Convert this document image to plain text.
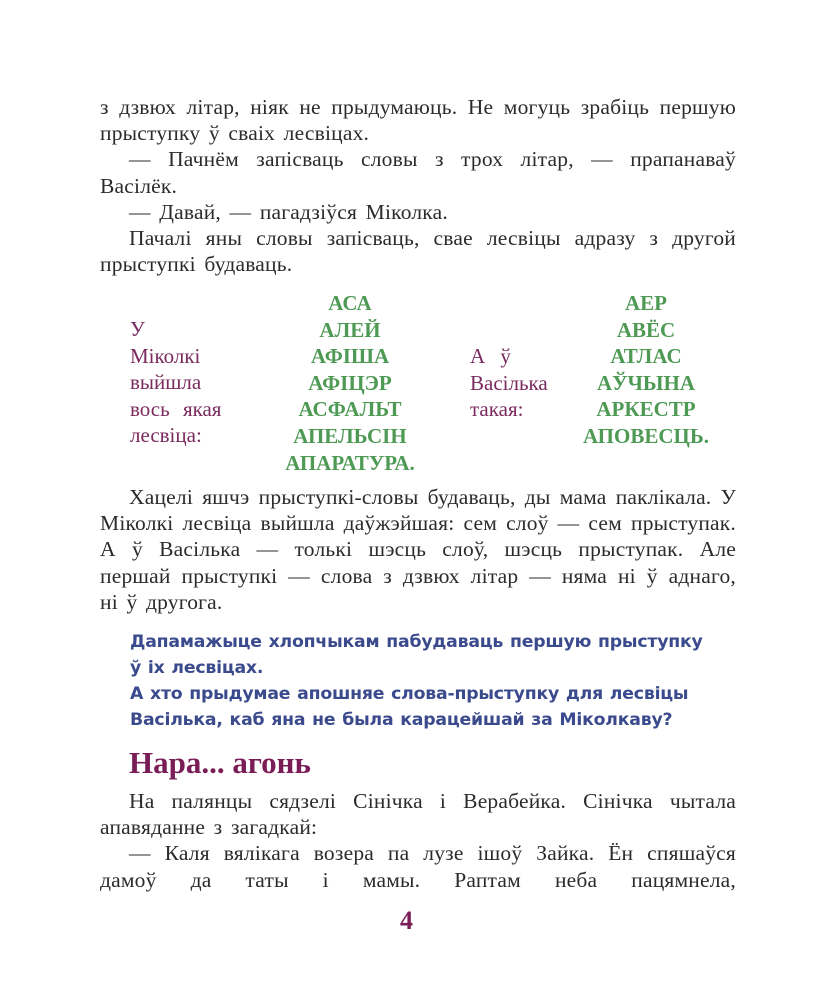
з дзвюх літар, ніяк не прыдумаюць. Не могуць зрабіць першую прыступку ў сваіх лесвіцах.

— Пачнём запісваць словы з трох літар, — прапанаваў Васілёк.

— Давай, — пагадзіўся Міколка.

Пачалі яны словы запісваць, свае лесвіцы адразу з другой прыступкі будаваць.

У
Міколкі
выйшла
вось якая
лесвіца:
АСА
АЛЕЙ
АФІША
АФІЦЭР
АСФАЛЬТ
АПЕЛЬСІН
АПАРАТУРА.
А ў
Васілька
такая:
АЕР
АВЁС
АТЛАС
АЎЧЫНА
АРКЕСТР
АПОВЕСЦЬ.

Хацелі яшчэ прыступкі-словы будаваць, ды мама паклікала. У Міколкі лесвіца выйшла даўжэйшая: сем слоў — сем прыступак. А ў Васілька — толькі шэсць слоў, шэсць прыступак. Але першай прыступкі — слова з дзвюх літар — няма ні ў аднаго, ні ў другога.

Дапамажыце хлопчыкам пабудаваць першую прыступку
ў іх лесвіцах.
А хто прыдумае апошняе слова-прыступку для лесвіцы
Васілька, каб яна не была карацейшай за Міколкаву?
Нара... агонь

На палянцы сядзелі Сінічка і Верабейка. Сінічка чытала апавяданне з загадкай:

— Каля вялікага возера па лузе ішоў Зайка. Ён спяшаўся дамоў да таты і мамы. Раптам неба пацямнела,

4
